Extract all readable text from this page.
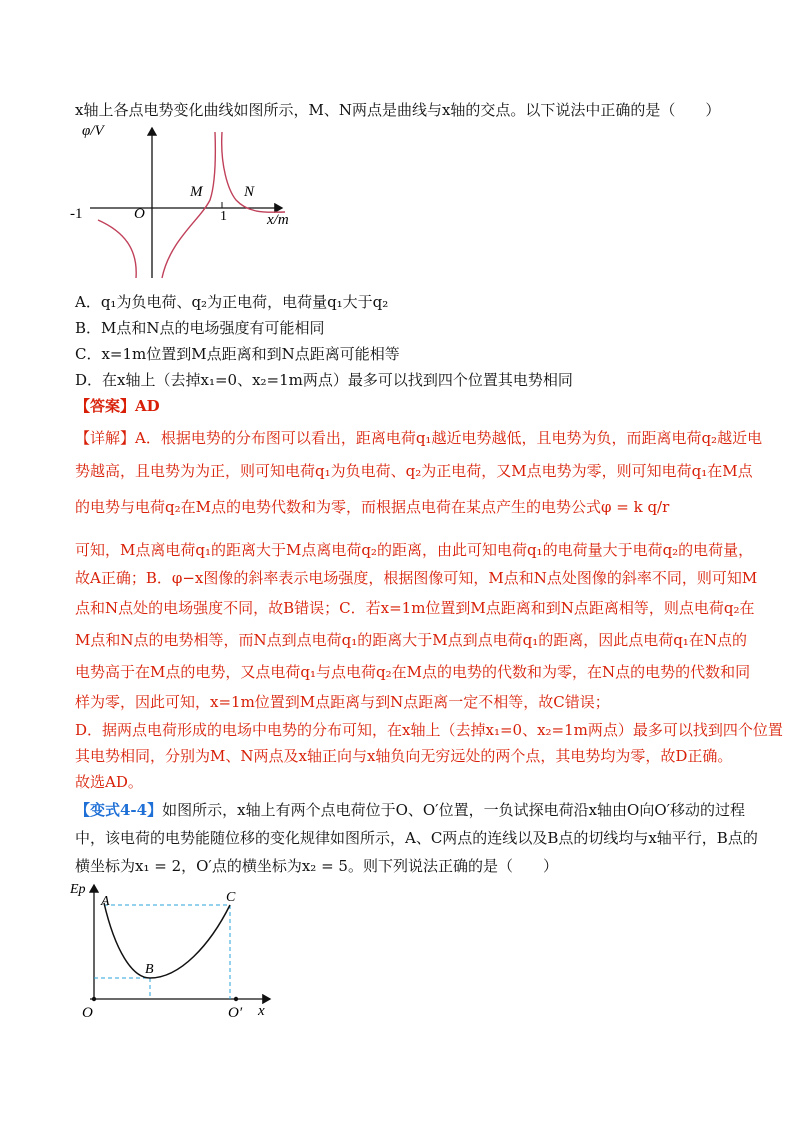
x轴上各点电势变化曲线如图所示，M、N两点是曲线与x轴的交点。以下说法中正确的是（　　）
-1	O	1
M	N
φ/V
x/m
A．q₁为负电荷、q₂为正电荷，电荷量q₁大于q₂
B．M点和N点的电场强度有可能相同
C．x=1m位置到M点距离和到N点距离可能相等
D．在x轴上（去掉x₁=0、x₂=1m两点）最多可以找到四个位置其电势相同
【答案】AD
【详解】A．根据电势的分布图可以看出，距离电荷q₁越近电势越低，且电势为负，而距离电荷q₂越近电
势越高，且电势为为正，则可知电荷q₁为负电荷、q₂为正电荷，又M点电势为零，则可知电荷q₁在M点
的电势与电荷q₂在M点的电势代数和为零，而根据点电荷在某点产生的电势公式φ = k q/r
可知，M点离电荷q₁的距离大于M点离电荷q₂的距离，由此可知电荷q₁的电荷量大于电荷q₂的电荷量，
故A正确；B．φ−x图像的斜率表示电场强度，根据图像可知，M点和N点处图像的斜率不同，则可知M
点和N点处的电场强度不同，故B错误；C．若x=1m位置到M点距离和到N点距离相等，则点电荷q₂在
M点和N点的电势相等，而N点到点电荷q₁的距离大于M点到点电荷q₁的距离，因此点电荷q₁在N点的
电势高于在M点的电势，又点电荷q₁与点电荷q₂在M点的电势的代数和为零，在N点的电势的代数和同
样为零，因此可知，x=1m位置到M点距离与到N点距离一定不相等，故C错误；
D．据两点电荷形成的电场中电势的分布可知，在x轴上（去掉x₁=0、x₂=1m两点）最多可以找到四个位置
其电势相同，分别为M、N两点及x轴正向与x轴负向无穷远处的两个点，其电势均为零，故D正确。
故选AD。
【变式4-4】如图所示，x轴上有两个点电荷位于O、O′位置，一负试探电荷沿x轴由O向O′移动的过程
中，该电荷的电势能随位移的变化规律如图所示，A、C两点的连线以及B点的切线均与x轴平行，B点的
横坐标为x₁ = 2，O′点的横坐标为x₂ = 5。则下列说法正确的是（　　）
Ep
A
B
C
O	O′ x
